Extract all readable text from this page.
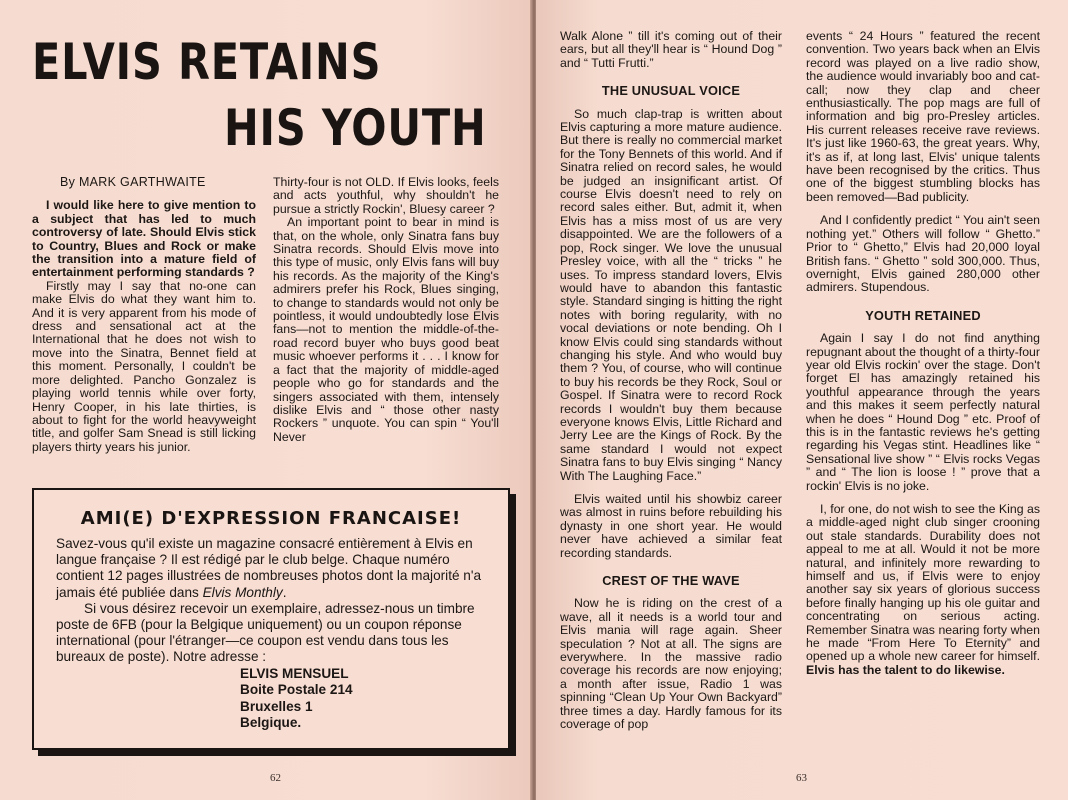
ELVIS RETAINS
HIS YOUTH
By MARK GARTHWAITE

I would like here to give mention to a subject that has led to much controversy of late. Should Elvis stick to Country, Blues and Rock or make the transition into a mature field of entertainment performing standards ?

Firstly may I say that no-one can make Elvis do what they want him to. And it is very apparent from his mode of dress and sensational act at the International that he does not wish to move into the Sinatra, Bennet field at this moment. Personally, I couldn't be more delighted. Pancho Gonzalez is playing world tennis while over forty, Henry Cooper, in his late thirties, is about to fight for the world heavyweight title, and golfer Sam Snead is still licking players thirty years his junior.

Thirty-four is not OLD. If Elvis looks, feels and acts youthful, why shouldn't he pursue a strictly Rockin', Bluesy career ?

An important point to bear in mind is that, on the whole, only Sinatra fans buy Sinatra records. Should Elvis move into this type of music, only Elvis fans will buy his records. As the majority of the King's admirers prefer his Rock, Blues singing, to change to standards would not only be pointless, it would undoubtedly lose Elvis fans—not to mention the middle-of-the-road record buyer who buys good beat music whoever performs it . . . I know for a fact that the majority of middle-aged people who go for standards and the singers associated with them, intensely dislike Elvis and “ those other nasty Rockers ” unquote. You can spin “ You'll Never

AMI(E) D'EXPRESSION FRANCAISE!

Savez-vous qu'il existe un magazine consacré entièrement à Elvis en langue française ? Il est rédigé par le club belge. Chaque numéro contient 12 pages illustrées de nombreuses photos dont la majorité n'a jamais été publiée dans Elvis Monthly.

Si vous désirez recevoir un exemplaire, adressez-nous un timbre poste de 6FB (pour la Belgique uniquement) ou un coupon réponse international (pour l'étranger—ce coupon est vendu dans tous les bureaux de poste). Notre adresse :

ELVIS MENSUEL
Boite Postale 214
Bruxelles 1
Belgique.
62

Walk Alone ” till it's coming out of their ears, but all they'll hear is “ Hound Dog ” and “ Tutti Frutti.”

THE UNUSUAL VOICE

So much clap-trap is written about Elvis capturing a more mature audience. But there is really no commercial market for the Tony Bennets of this world. And if Sinatra relied on record sales, he would be judged an insignificant artist. Of course Elvis doesn't need to rely on record sales either. But, admit it, when Elvis has a miss most of us are very disappointed. We are the followers of a pop, Rock singer. We love the unusual Presley voice, with all the “ tricks ” he uses. To impress standard lovers, Elvis would have to abandon this fantastic style. Standard singing is hitting the right notes with boring regularity, with no vocal deviations or note bending. Oh I know Elvis could sing standards without changing his style. And who would buy them ? You, of course, who will continue to buy his records be they Rock, Soul or Gospel. If Sinatra were to record Rock records I wouldn't buy them because everyone knows Elvis, Little Richard and Jerry Lee are the Kings of Rock. By the same standard I would not expect Sinatra fans to buy Elvis singing “ Nancy With The Laughing Face.”

Elvis waited until his showbiz career was almost in ruins before rebuilding his dynasty in one short year. He would never have achieved a similar feat recording standards.

CREST OF THE WAVE

Now he is riding on the crest of a wave, all it needs is a world tour and Elvis mania will rage again. Sheer speculation ? Not at all. The signs are everywhere. In the massive radio coverage his records are now enjoying; a month after issue, Radio 1 was spinning “Clean Up Your Own Backyard” three times a day. Hardly famous for its coverage of pop

events “ 24 Hours ” featured the recent convention. Two years back when an Elvis record was played on a live radio show, the audience would invariably boo and cat-call; now they clap and cheer enthusiastically. The pop mags are full of information and big pro-Presley articles. His current releases receive rave reviews. It's just like 1960-63, the great years. Why, it's as if, at long last, Elvis' unique talents have been recognised by the critics. Thus one of the biggest stumbling blocks has been removed—Bad publicity.

And I confidently predict “ You ain't seen nothing yet.” Others will follow “ Ghetto.” Prior to “ Ghetto,” Elvis had 20,000 loyal British fans. “ Ghetto ” sold 300,000. Thus, overnight, Elvis gained 280,000 other admirers. Stupendous.

YOUTH RETAINED

Again I say I do not find anything repugnant about the thought of a thirty-four year old Elvis rockin' over the stage. Don't forget El has amazingly retained his youthful appearance through the years and this makes it seem perfectly natural when he does “ Hound Dog ” etc. Proof of this is in the fantastic reviews he's getting regarding his Vegas stint. Headlines like “ Sensational live show ” “ Elvis rocks Vegas ” and “ The lion is loose ! ” prove that a rockin' Elvis is no joke.

I, for one, do not wish to see the King as a middle-aged night club singer crooning out stale standards. Durability does not appeal to me at all. Would it not be more natural, and infinitely more rewarding to himself and us, if Elvis were to enjoy another say six years of glorious success before finally hanging up his ole guitar and concentrating on serious acting. Remember Sinatra was nearing forty when he made “From Here To Eternity” and opened up a whole new career for himself. Elvis has the talent to do likewise.

63
